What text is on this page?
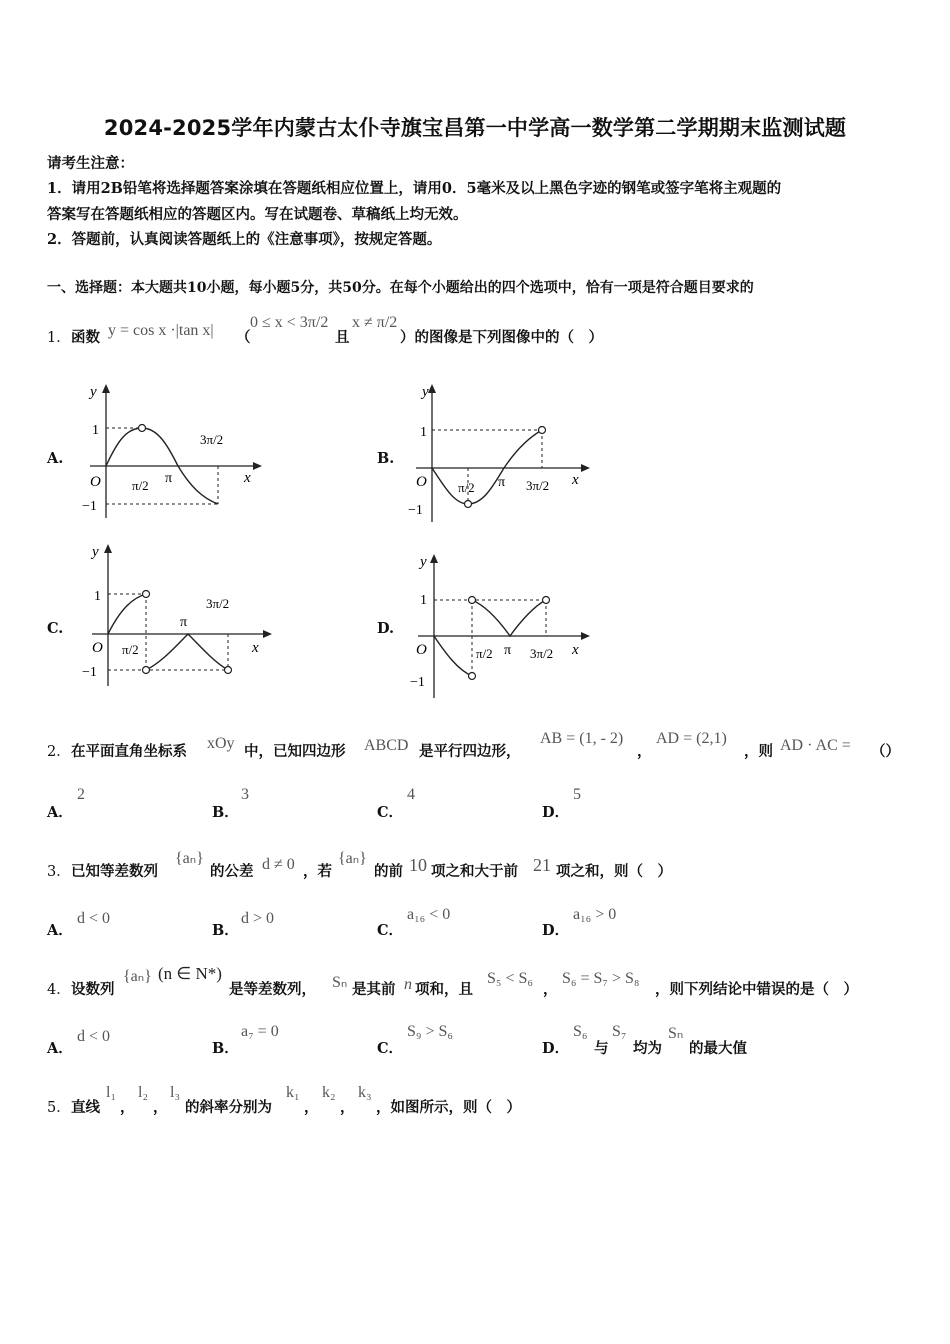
2024-2025学年内蒙古太仆寺旗宝昌第一中学高一数学第二学期期末监测试题
请考生注意：
1．请用2B铅笔将选择题答案涂填在答题纸相应位置上，请用0．5毫米及以上黑色字迹的钢笔或签字笔将主观题的
答案写在答题纸相应的答题区内。写在试题卷、草稿纸上均无效。
2．答题前，认真阅读答题纸上的《注意事项》，按规定答题。
一、选择题：本大题共10小题，每小题5分，共50分。在每个小题给出的四个选项中，恰有一项是符合题目要求的
1． 函数 y = cos x ·|tan x| （
0 ≤ x < 3π/2
且
x ≠ π/2
）的图像是下列图像中的（　）
A.	B.
C.	D.
y
x
O
1
−1
π/2 π
3π/2
y
x
O
1
−1
π/2 π 3π/2
y
x
O
1
−1
π/2
π
3π/2
y
x
O
1
−1
π/2 π 3π/2
2． 在平面直角坐标系 xOy 中，已知四边形 ABCD 是平行四边形，
AB = (1, - 2)
，
AD = (2,1)
，则 AD · AC = （）
A．
2
B．
3
C．
4
D．
5
3． 已知等差数列
{aₙ}
的公差 d ≠ 0 ，若
{aₙ}
的前 10 项之和大于前 21 项之和，则（　）
A．
d < 0
B．
d > 0
C．
a₁₆ < 0
D．
a₁₆ > 0
4． 设数列
{aₙ} (n ∈ N*)
是等差数列， Sₙ 是其前 n 项和，且
S₅ < S₆
，
S₆ = S₇ > S₈
，则下列结论中错误的是（　）
A．
d < 0
B．
a₇ = 0
C．
S₉ > S₆
D．
S₆
与
S₇
均为
Sₙ
的最大值
5． 直线
l₁
，
l₂
，
l₃
的斜率分别为
k₁
，
k₂
，
k₃
，如图所示，则（　）
